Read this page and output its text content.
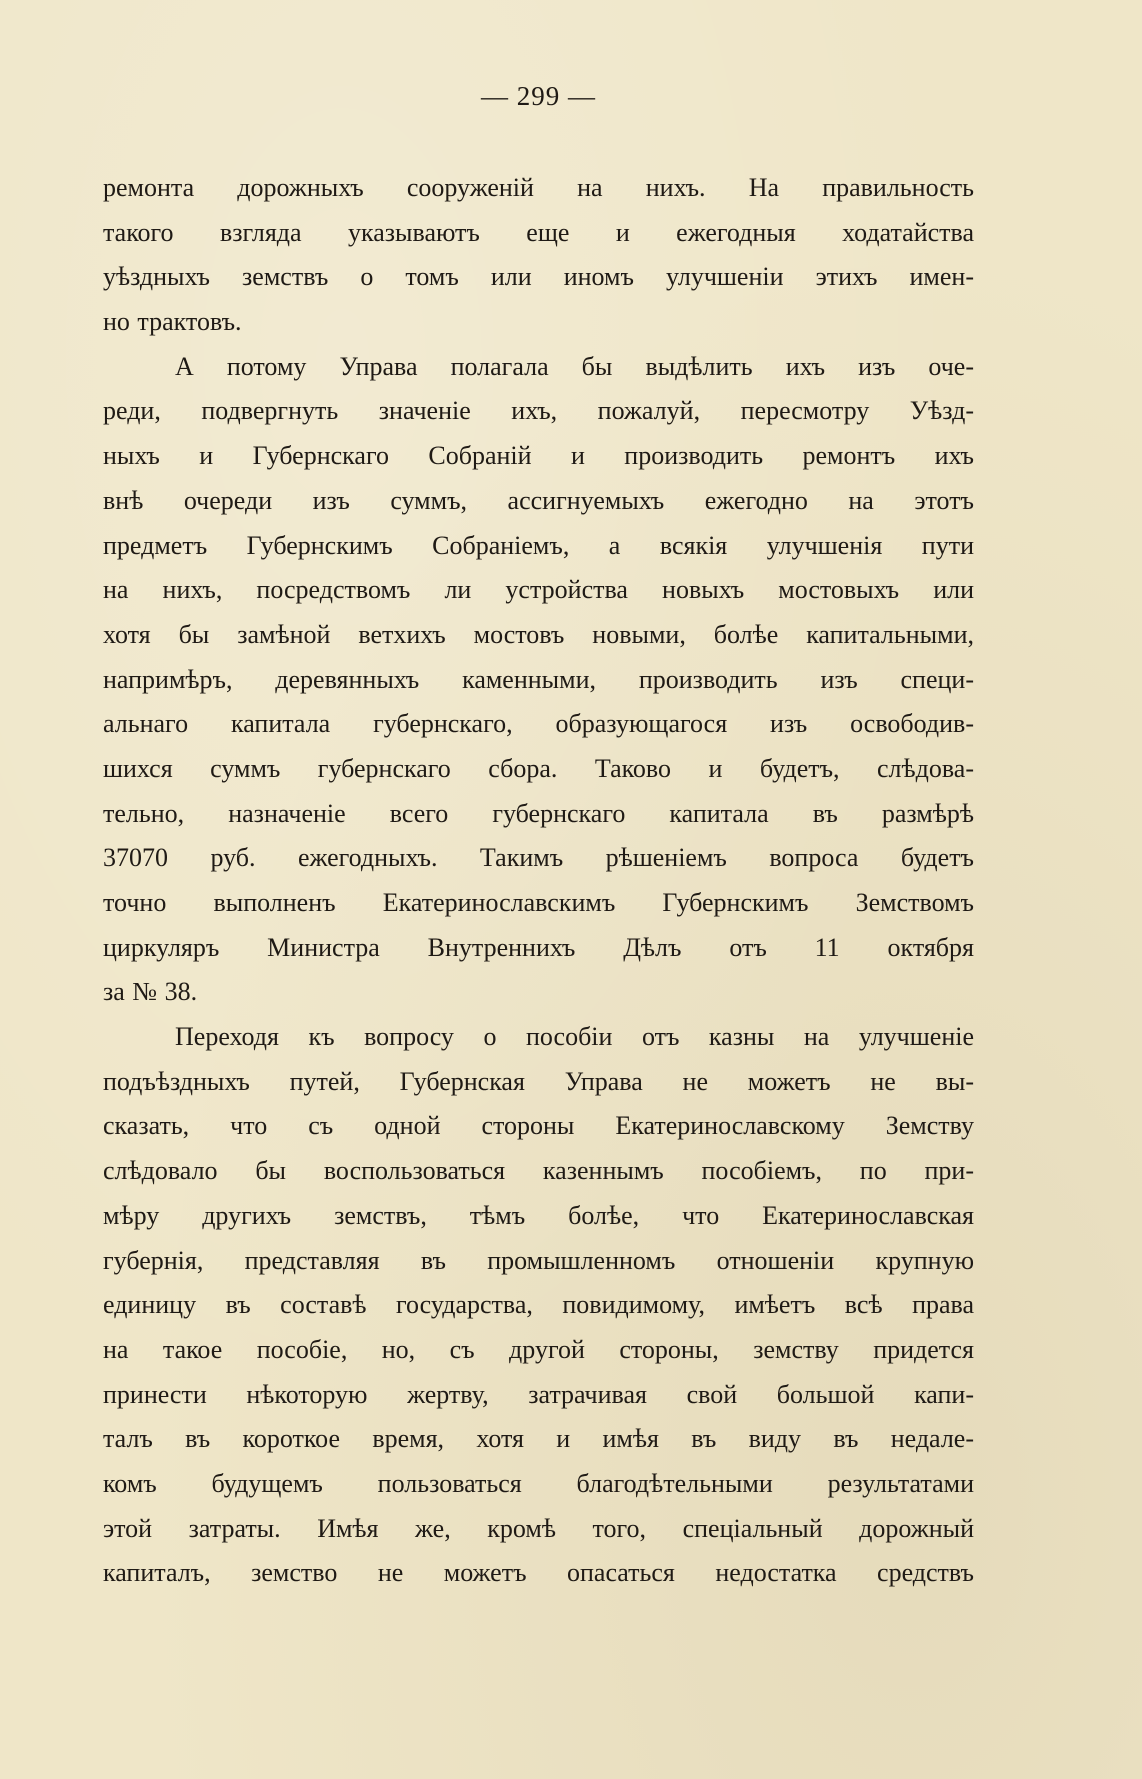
— 299 —
ремонта дорожныхъ сооруженій на нихъ. На правильность
такого взгляда указываютъ еще и ежегодныя ходатайства
уѣздныхъ земствъ о томъ или иномъ улучшеніи этихъ имен-
но трактовъ.
А потому Управа полагала бы выдѣлить ихъ изъ оче-
реди, подвергнуть значеніе ихъ, пожалуй, пересмотру Уѣзд-
ныхъ и Губернскаго Собраній и производить ремонтъ ихъ
внѣ очереди изъ суммъ, ассигнуемыхъ ежегодно на этотъ
предметъ Губернскимъ Собраніемъ, а всякія улучшенія пути
на нихъ, посредствомъ ли устройства новыхъ мостовыхъ или
хотя бы замѣной ветхихъ мостовъ новыми, болѣе капитальными,
напримѣръ, деревянныхъ каменными, производить изъ специ-
альнаго капитала губернскаго, образующагося изъ освободив-
шихся суммъ губернскаго сбора. Таково и будетъ, слѣдова-
тельно, назначеніе всего губернскаго капитала въ размѣрѣ
37070 руб. ежегодныхъ. Такимъ рѣшеніемъ вопроса будетъ
точно выполненъ Екатеринославскимъ Губернскимъ Земствомъ
циркуляръ Министра Внутреннихъ Дѣлъ отъ 11 октября
за № 38.
Переходя къ вопросу о пособіи отъ казны на улучшеніе
подъѣздныхъ путей, Губернская Управа не можетъ не вы-
сказать, что съ одной стороны Екатеринославскому Земству
слѣдовало бы воспользоваться казеннымъ пособіемъ, по при-
мѣру другихъ земствъ, тѣмъ болѣе, что Екатеринославская
губернія, представляя въ промышленномъ отношеніи крупную
единицу въ составѣ государства, повидимому, имѣетъ всѣ права
на такое пособіе, но, съ другой стороны, земству придется
принести нѣкоторую жертву, затрачивая свой большой капи-
талъ въ короткое время, хотя и имѣя въ виду въ недале-
комъ будущемъ пользоваться благодѣтельными результатами
этой затраты. Имѣя же, кромѣ того, спеціальный дорожный
капиталъ, земство не можетъ опасаться недостатка средствъ
